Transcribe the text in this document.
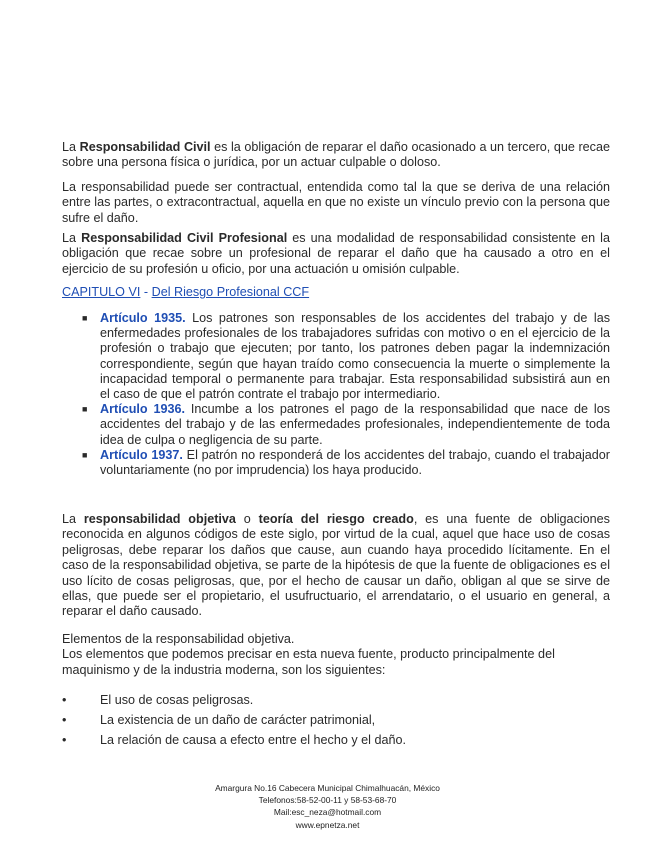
La Responsabilidad Civil es la obligación de reparar el daño ocasionado a un tercero, que recae sobre una persona física o jurídica, por un actuar culpable o doloso.

La responsabilidad puede ser contractual, entendida como tal la que se deriva de una relación entre las partes, o extracontractual, aquella en que no existe un vínculo previo con la persona que sufre el daño.

La Responsabilidad Civil Profesional es una modalidad de responsabilidad consistente en la obligación que recae sobre un profesional de reparar el daño que ha causado a otro en el ejercicio de su profesión u oficio, por una actuación u omisión culpable.

CAPITULO VI - Del Riesgo Profesional CCF
■ Artículo 1935. Los patrones son responsables de los accidentes del trabajo y de las enfermedades profesionales de los trabajadores sufridas con motivo o en el ejercicio de la profesión o trabajo que ejecuten; por tanto, los patrones deben pagar la indemnización correspondiente, según que hayan traído como consecuencia la muerte o simplemente la incapacidad temporal o permanente para trabajar. Esta responsabilidad subsistirá aun en el caso de que el patrón contrate el trabajo por intermediario.
■ Artículo 1936. Incumbe a los patrones el pago de la responsabilidad que nace de los accidentes del trabajo y de las enfermedades profesionales, independientemente de toda idea de culpa o negligencia de su parte.
■ Artículo 1937. El patrón no responderá de los accidentes del trabajo, cuando el trabajador voluntariamente (no por imprudencia) los haya producido.

La responsabilidad objetiva o teoría del riesgo creado, es una fuente de obligaciones reconocida en algunos códigos de este siglo, por virtud de la cual, aquel que hace uso de cosas peligrosas, debe reparar los daños que cause, aun cuando haya procedido lícitamente. En el caso de la responsabilidad objetiva, se parte de la hipótesis de que la fuente de obligaciones es el uso lícito de cosas peligrosas, que, por el hecho de causar un daño, obligan al que se sirve de ellas, que puede ser el propietario, el usufructuario, el arrendatario, o el usuario en general, a reparar el daño causado.

Elementos de la responsabilidad objetiva.
Los elementos que podemos precisar en esta nueva fuente, producto principalmente del maquinismo y de la industria moderna, son los siguientes:
•	El uso de cosas peligrosas.
•	La existencia de un daño de carácter patrimonial,
•	La relación de causa a efecto entre el hecho y el daño.
Amargura No.16 Cabecera Municipal Chimalhuacán, México
Telefonos:58-52-00-11 y 58-53-68-70
Mail:esc_neza@hotmail.com
www.epnetza.net
